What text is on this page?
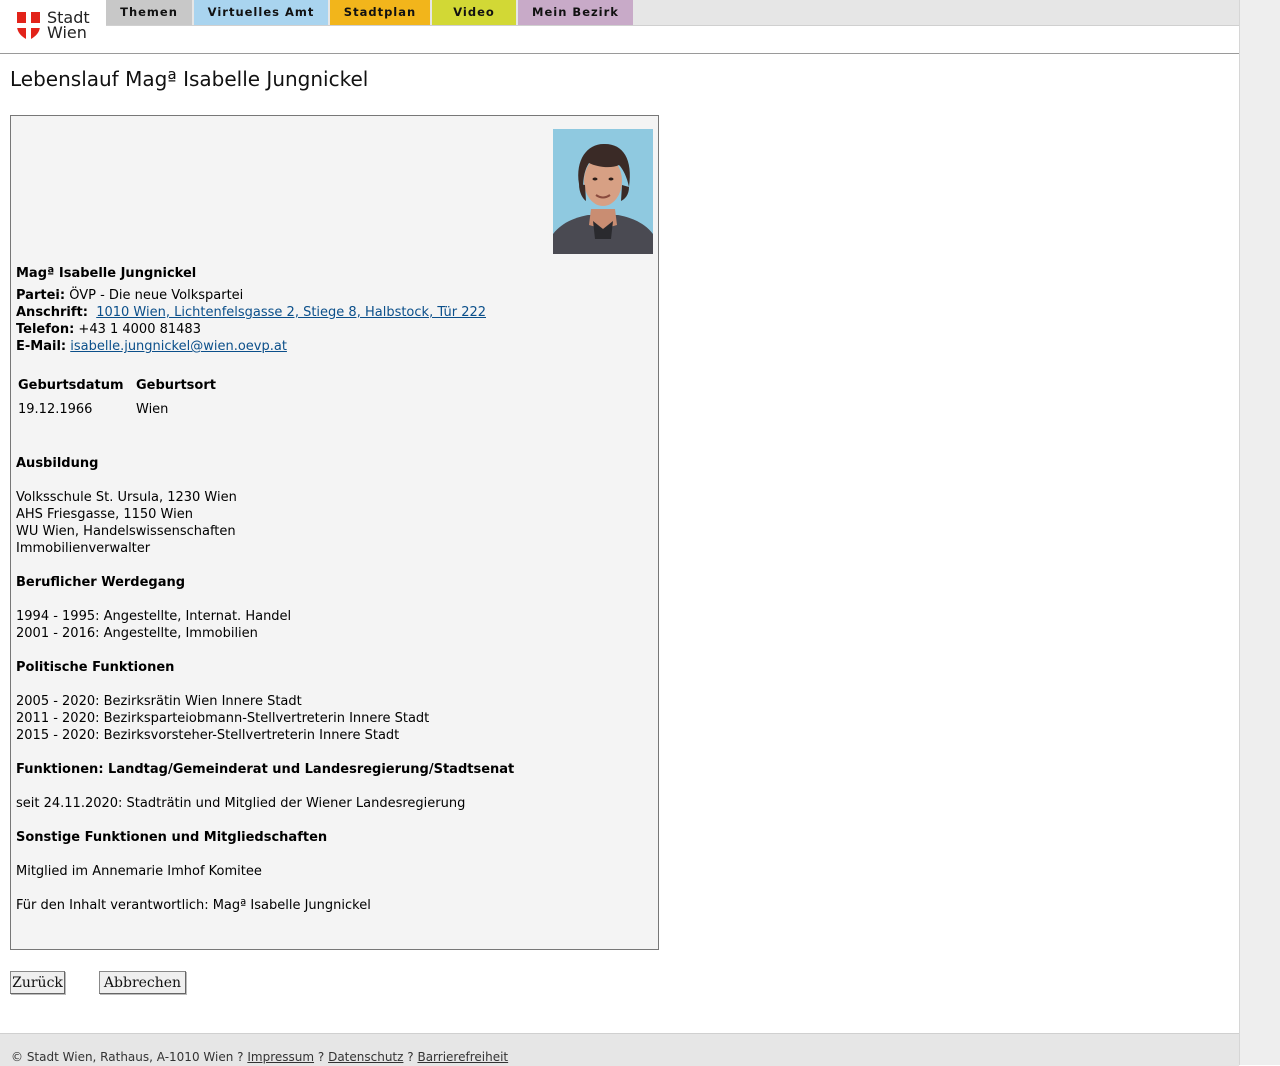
Stadt
Wien
Themen	Virtuelles Amt	Stadtplan	Video	Mein Bezirk
Lebenslauf Magª Isabelle Jungnickel
Magª Isabelle Jungnickel
Partei: ÖVP - Die neue Volkspartei
Anschrift: 1010 Wien, Lichtenfelsgasse 2, Stiege 8, Halbstock, Tür 222
Telefon: +43 1 4000 81483
E-Mail: isabelle.jungnickel@wien.oevp.at
Geburtsdatum Geburtsort
19.12.1966	Wien
Ausbildung
Volksschule St. Ursula, 1230 Wien
AHS Friesgasse, 1150 Wien
WU Wien, Handelswissenschaften
Immobilienverwalter
Beruflicher Werdegang
1994 - 1995: Angestellte, Internat. Handel
2001 - 2016: Angestellte, Immobilien
Politische Funktionen
2005 - 2020: Bezirksrätin Wien Innere Stadt
2011 - 2020: Bezirksparteiobmann-Stellvertreterin Innere Stadt
2015 - 2020: Bezirksvorsteher-Stellvertreterin Innere Stadt
Funktionen: Landtag/Gemeinderat und Landesregierung/Stadtsenat
seit 24.11.2020: Stadträtin und Mitglied der Wiener Landesregierung
Sonstige Funktionen und Mitgliedschaften
Mitglied im Annemarie Imhof Komitee
Für den Inhalt verantwortlich: Magª Isabelle Jungnickel
Zurück	Abbrechen
© Stadt Wien, Rathaus, A-1010 Wien ? Impressum ? Datenschutz ? Barrierefreiheit
